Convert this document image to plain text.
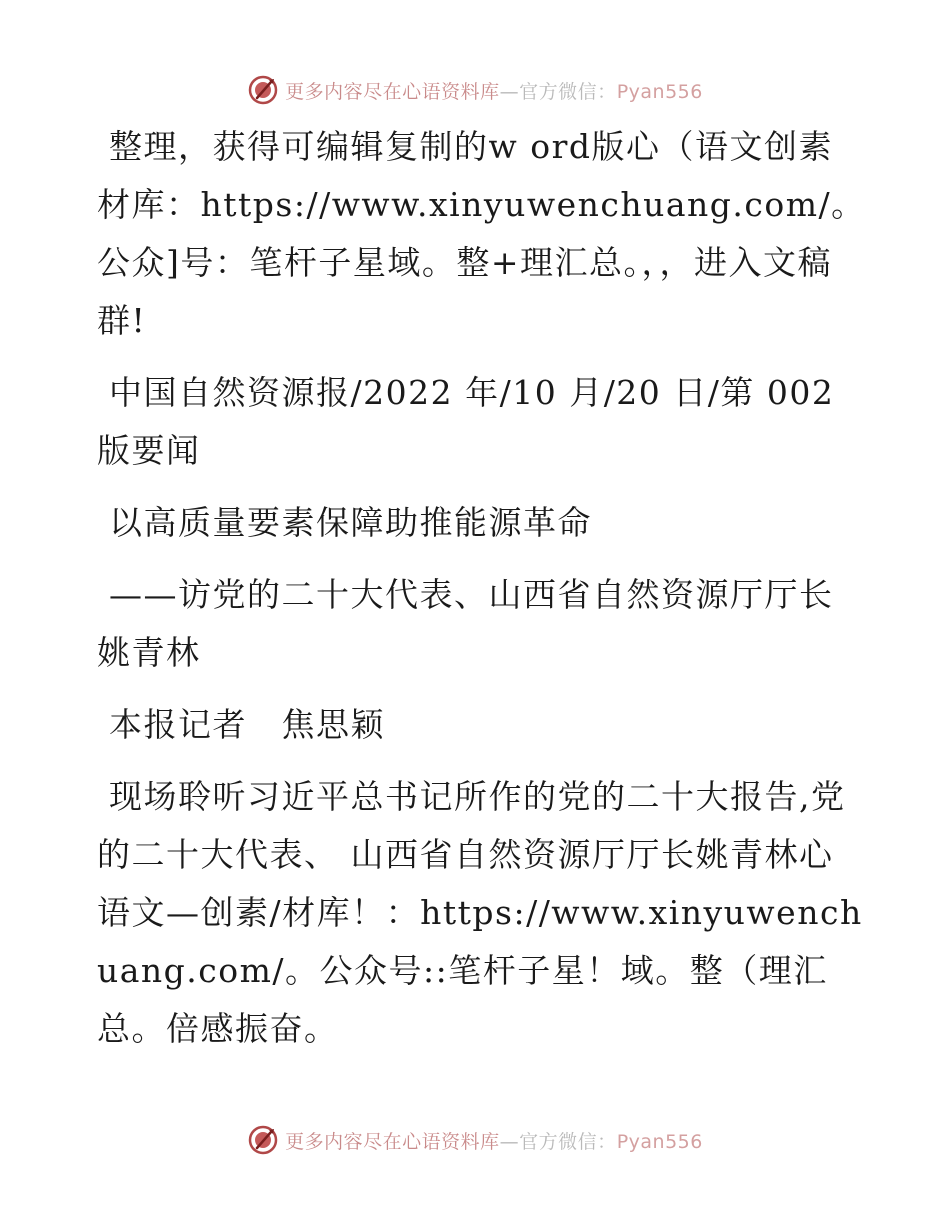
更多内容尽在心语资料库—官方微信：Pyan556

整理，获得可编辑复制的w ord版心（语文创素材库：https://www.xinyuwenchuang.com/。公众]号：笔杆子星域。整+理汇总。，，进入文稿群!

中国自然资源报/2022 年/10 月/20 日/第 002 版要闻

以高质量要素保障助推能源革命

——访党的二十大代表、山西省自然资源厅厅长姚青林

本报记者　焦思颖

现场聆听习近平总书记所作的党的二十大报告,党的二十大代表、 山西省自然资源厅厅长姚青林心语文—创素/材库！：https://www.xinyuwenchuang.com/。公众号::笔杆子星！域。整（理汇总。倍感振奋。

更多内容尽在心语资料库—官方微信：Pyan556
